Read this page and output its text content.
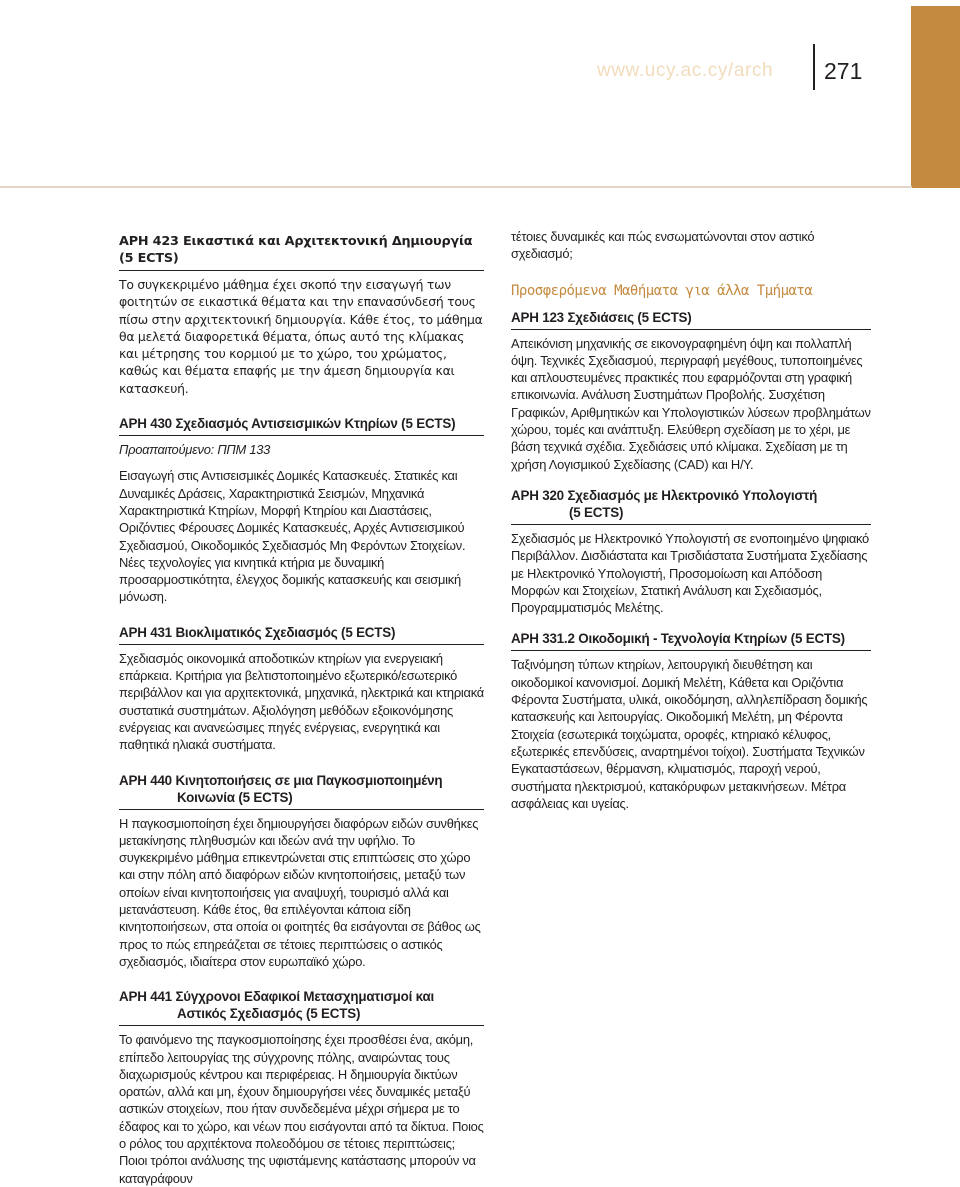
www.ucy.ac.cy/arch 271
ΑΡΗ 423 Εικαστικά και Αρχιτεκτονική Δημιουργία (5 ECTS)

Το συγκεκριμένο μάθημα έχει σκοπό την εισαγωγή των φοιτητών σε εικαστικά θέματα και την επανασύνδεσή τους πίσω στην αρχιτεκτονική δημιουργία. Κάθε έτος, το μάθημα θα μελετά διαφορετικά θέματα, όπως αυτό της κλίμακας και μέτρησης του κορμιού με το χώρο, του χρώματος, καθώς και θέματα επαφής με την άμεση δημιουργία και κατασκευή.

ΑΡΗ 430 Σχεδιασμός Αντισεισμικών Κτηρίων (5 ECTS)

Προαπαιτούμενο: ΠΠΜ 133

Εισαγωγή στις Αντισεισμικές Δομικές Κατασκευές. Στατικές και Δυναμικές Δράσεις, Χαρακτηριστικά Σεισμών, Μηχανικά Χαρακτηριστικά Κτηρίων, Μορφή Κτηρίου και Διαστάσεις, Οριζόντιες Φέρουσες Δομικές Κατασκευές, Αρχές Αντισεισμικού Σχεδιασμού, Οικοδομικός Σχεδιασμός Μη Φερόντων Στοιχείων. Νέες τεχνολογίες για κινητικά κτήρια με δυναμική προσαρμοστικότητα, έλεγχος δομικής κατασκευής και σεισμική μόνωση.

ΑΡΗ 431 Βιοκλιματικός Σχεδιασμός (5 ECTS)

Σχεδιασμός οικονομικά αποδοτικών κτηρίων για ενεργειακή επάρκεια. Κριτήρια για βελτιστοποιημένο εξωτερικό/εσωτερικό περιβάλλον και για αρχιτεκτονικά, μηχανικά, ηλεκτρικά και κτηριακά συστατικά συστημάτων. Αξιολόγηση μεθόδων εξοικονόμησης ενέργειας και ανανεώσιμες πηγές ενέργειας, ενεργητικά και παθητικά ηλιακά συστήματα.

ΑΡΗ 440 Κινητοποιήσεις σε μια Παγκοσμιοποιημένη
Κοινωνία (5 ECTS)

Η παγκοσμιοποίηση έχει δημιουργήσει διαφόρων ειδών συνθήκες μετακίνησης πληθυσμών και ιδεών ανά την υφήλιο. Το συγκεκριμένο μάθημα επικεντρώνεται στις επιπτώσεις στο χώρο και στην πόλη από διαφόρων ειδών κινητοποιήσεις, μεταξύ των οποίων είναι κινητοποιήσεις για αναψυχή, τουρισμό αλλά και μετανάστευση. Κάθε έτος, θα επιλέγονται κάποια είδη κινητοποιήσεων, στα οποία οι φοιτητές θα εισάγονται σε βάθος ως προς το πώς επηρεάζεται σε τέτοιες περιπτώσεις ο αστικός σχεδιασμός, ιδιαίτερα στον ευρωπαϊκό χώρο.

ΑΡΗ 441 Σύγχρονοι Εδαφικοί Μετασχηματισμοί και
Αστικός Σχεδιασμός (5 ECTS)

Το φαινόμενο της παγκοσμιοποίησης έχει προσθέσει ένα, ακόμη, επίπεδο λειτουργίας της σύγχρονης πόλης, αναιρώντας τους διαχωρισμούς κέντρου και περιφέρειας. Η δημιουργία δικτύων ορατών, αλλά και μη, έχουν δημιουργήσει νέες δυναμικές μεταξύ αστικών στοιχείων, που ήταν συνδεδεμένα μέχρι σήμερα με το έδαφος και το χώρο, και νέων που εισάγονται από τα δίκτυα. Ποιος ο ρόλος του αρχιτέκτονα πολεοδόμου σε τέτοιες περιπτώσεις; Ποιοι τρόποι ανάλυσης της υφιστάμενης κατάστασης μπορούν να καταγράφουν

τέτοιες δυναμικές και πώς ενσωματώνονται στον αστικό σχεδιασμό;

Προσφερόμενα Μαθήματα για άλλα Τμήματα
ΑΡΗ 123 Σχεδιάσεις (5 ECTS)

Απεικόνιση μηχανικής σε εικονογραφημένη όψη και πολλαπλή όψη. Τεχνικές Σχεδιασμού, περιγραφή μεγέθους, τυποποιημένες και απλουστευμένες πρακτικές που εφαρμόζονται στη γραφική επικοινωνία. Ανάλυση Συστημάτων Προβολής. Συσχέτιση Γραφικών, Αριθμητικών και Υπολογιστικών λύσεων προβλημάτων χώρου, τομές και ανάπτυξη. Ελεύθερη σχεδίαση με το χέρι, με βάση τεχνικά σχέδια. Σχεδιάσεις υπό κλίμακα. Σχεδίαση με τη χρήση Λογισμικού Σχεδίασης (CAD) και Η/Υ.

ΑΡΗ 320 Σχεδιασμός με Ηλεκτρονικό Υπολογιστή
(5 ECTS)

Σχεδιασμός με Ηλεκτρονικό Υπολογιστή σε ενοποιημένο ψηφιακό Περιβάλλον. Δισδιάστατα και Τρισδιάστατα Συστήματα Σχεδίασης με Ηλεκτρονικό Υπολογιστή, Προσομοίωση και Απόδοση Μορφών και Στοιχείων, Στατική Ανάλυση και Σχεδιασμός, Προγραμματισμός Μελέτης.

ΑΡΗ 331.2 Οικοδομική - Τεχνολογία Κτηρίων (5 ECTS)

Ταξινόμηση τύπων κτηρίων, λειτουργική διευθέτηση και οικοδομικοί κανονισμοί. Δομική Μελέτη, Κάθετα και Οριζόντια Φέροντα Συστήματα, υλικά, οικοδόμηση, αλληλεπίδραση δομικής κατασκευής και λειτουργίας. Οικοδομική Μελέτη, μη Φέροντα Στοιχεία (εσωτερικά τοιχώματα, οροφές, κτηριακό κέλυφος, εξωτερικές επενδύσεις, αναρτημένοι τοίχοι). Συστήματα Τεχνικών Εγκαταστάσεων, θέρμανση, κλιματισμός, παροχή νερού, συστήματα ηλεκτρισμού, κατακόρυφων μετακινήσεων. Μέτρα ασφάλειας και υγείας.
